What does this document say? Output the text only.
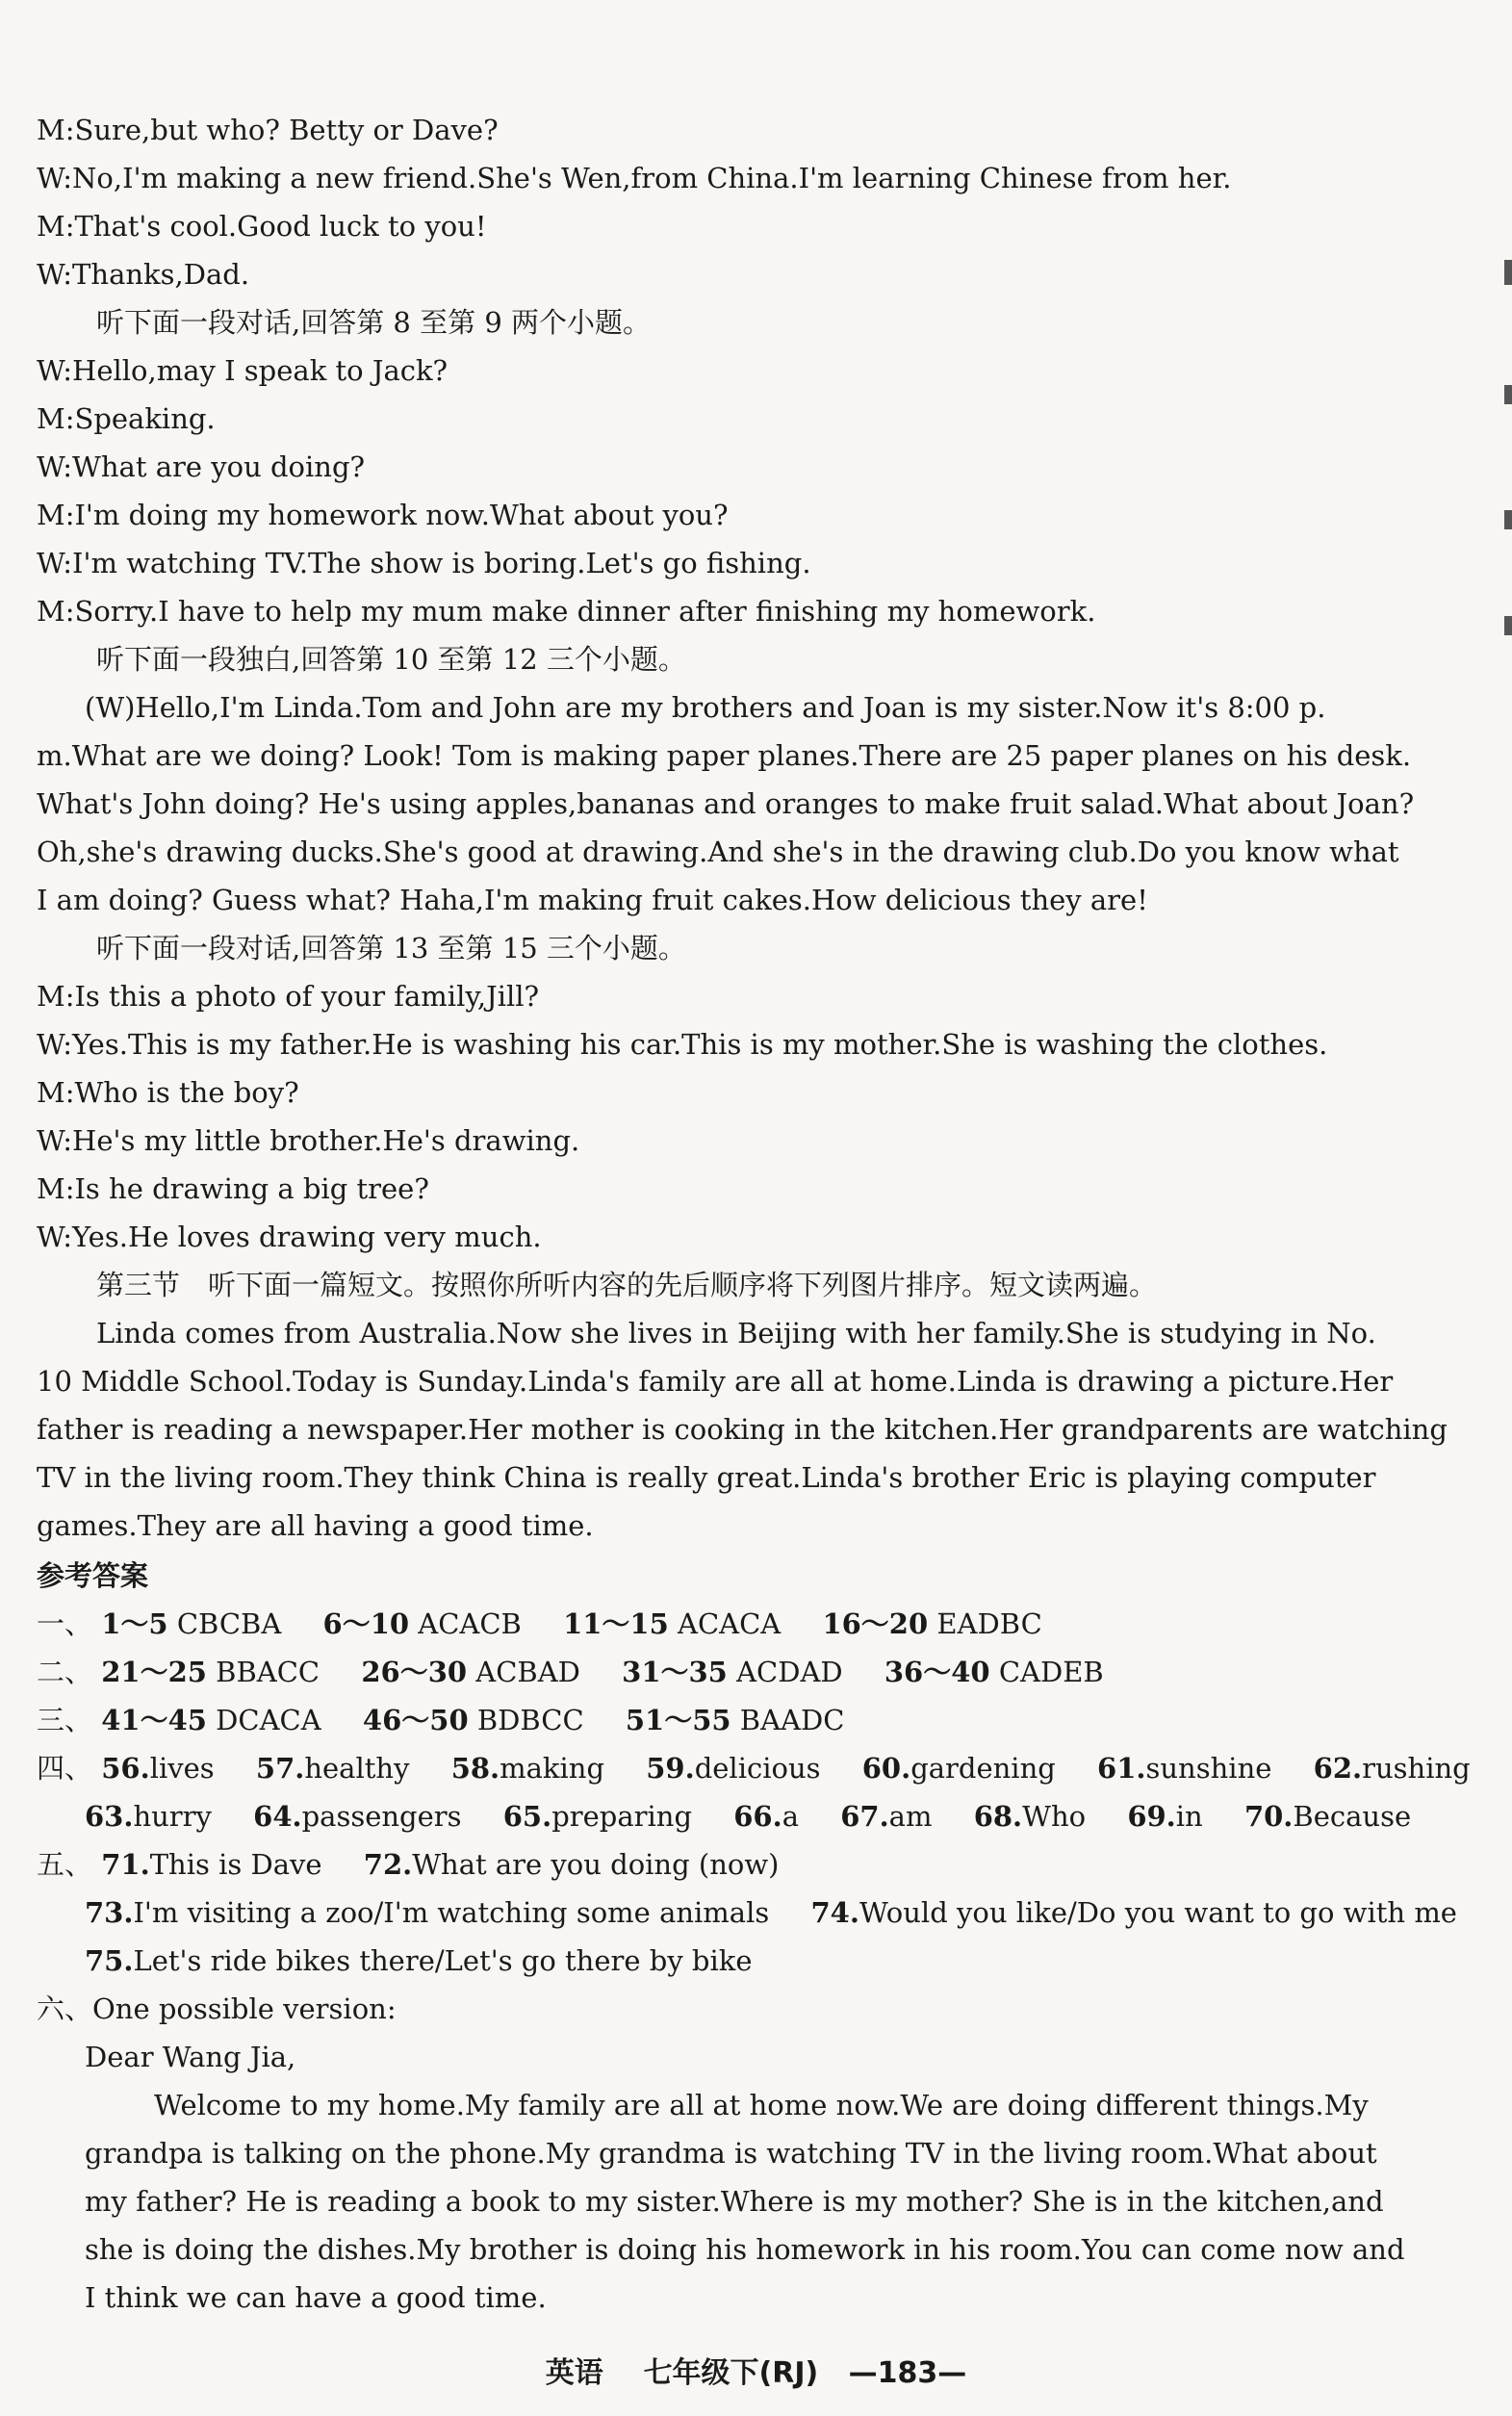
M:Sure,but who? Betty or Dave?
W:No,I'm making a new friend.She's Wen,from China.I'm learning Chinese from her.
M:That's cool.Good luck to you!
W:Thanks,Dad.
听下面一段对话,回答第 8 至第 9 两个小题。
W:Hello,may I speak to Jack?
M:Speaking.
W:What are you doing?
M:I'm doing my homework now.What about you?
W:I'm watching TV.The show is boring.Let's go fishing.
M:Sorry.I have to help my mum make dinner after finishing my homework.
听下面一段独白,回答第 10 至第 12 三个小题。
(W)Hello,I'm Linda.Tom and John are my brothers and Joan is my sister.Now it's 8:00 p.
m.What are we doing? Look! Tom is making paper planes.There are 25 paper planes on his desk.
What's John doing? He's using apples,bananas and oranges to make fruit salad.What about Joan?
Oh,she's drawing ducks.She's good at drawing.And she's in the drawing club.Do you know what
I am doing? Guess what? Haha,I'm making fruit cakes.How delicious they are!
听下面一段对话,回答第 13 至第 15 三个小题。
M:Is this a photo of your family,Jill?
W:Yes.This is my father.He is washing his car.This is my mother.She is washing the clothes.
M:Who is the boy?
W:He's my little brother.He's drawing.
M:Is he drawing a big tree?
W:Yes.He loves drawing very much.
第三节　听下面一篇短文。按照你所听内容的先后顺序将下列图片排序。短文读两遍。
Linda comes from Australia.Now she lives in Beijing with her family.She is studying in No.
10 Middle School.Today is Sunday.Linda's family are all at home.Linda is drawing a picture.Her
father is reading a newspaper.Her mother is cooking in the kitchen.Her grandparents are watching
TV in the living room.They think China is really great.Linda's brother Eric is playing computer
games.They are all having a good time.
参考答案
一、 1～5 CBCBA 6～10 ACACB 11～15 ACACA 16～20 EADBC
二、 21～25 BBACC 26～30 ACBAD 31～35 ACDAD 36～40 CADEB
三、 41～45 DCACA 46～50 BDBCC 51～55 BAADC
四、 56.lives 57.healthy 58.making 59.delicious 60.gardening 61.sunshine 62.rushing
63.hurry 64.passengers 65.preparing 66.a 67.am 68.Who 69.in 70.Because
五、 71.This is Dave 72.What are you doing (now)
73.I'm visiting a zoo/I'm watching some animals 74.Would you like/Do you want to go with me
75.Let's ride bikes there/Let's go there by bike
六、One possible version:
Dear Wang Jia,
Welcome to my home.My family are all at home now.We are doing different things.My
grandpa is talking on the phone.My grandma is watching TV in the living room.What about
my father? He is reading a book to my sister.Where is my mother? She is in the kitchen,and
she is doing the dishes.My brother is doing his homework in his room.You can come now and
I think we can have a good time.
英语 七年级下(RJ) —183—
